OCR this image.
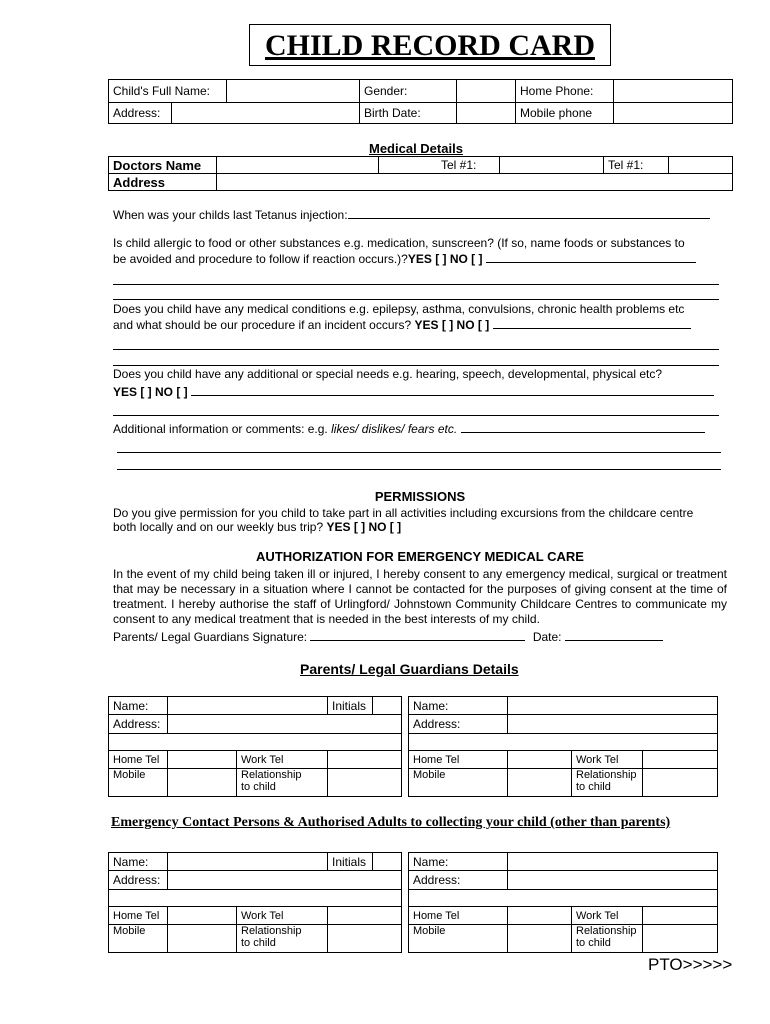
CHILD RECORD CARD
Child's Full Name:		Gender:		Home Phone:	
Address:		Birth Date:		Mobile phone	
Medical Details
Doctors Name			Tel #1:		Tel #1:	
Address						
When was your childs last Tetanus injection:
Is child allergic to food or other substances e.g. medication, sunscreen? (If so, name foods or substances to
be avoided and procedure to follow if reaction occurs.)?YES [ ] NO [ ]
Does you child have any medical conditions e.g. epilepsy, asthma, convulsions, chronic health problems etc
and what should be our procedure if an incident occurs? YES [ ] NO [ ]
Does you child have any additional or special needs e.g. hearing, speech, developmental, physical etc?
YES [ ] NO [ ]
Additional information or comments: e.g. likes/ dislikes/ fears etc.
PERMISSIONS
Do you give permission for you child to take part in all activities including excursions from the childcare centre
both locally and on our weekly bus trip? YES [ ] NO [ ]
AUTHORIZATION FOR EMERGENCY MEDICAL CARE
In the event of my child being taken ill or injured, I hereby consent to any emergency medical, surgical or treatment that may be necessary in a situation where I cannot be contacted for the purposes of giving consent at the time of treatment. I hereby authorise the staff of Urlingford/ Johnstown Community Childcare Centres to communicate my consent to any medical treatment that is needed in the best interests of my child.
Parents/ Legal Guardians Signature:	Date:
Parents/ Legal Guardians Details
Name:			Initials	
Address:				

Home Tel		Work Tel		
Mobile		Relationship
to child		
Name:			
Address:			

Home Tel		Work Tel	
Mobile		Relationship
to child	
Emergency Contact Persons & Authorised Adults to collecting your child (other than parents)
Name:			Initials	
Address:				

Home Tel		Work Tel		
Mobile		Relationship
to child		
Name:			
Address:			

Home Tel		Work Tel	
Mobile		Relationship
to child	
PTO>>>>>
